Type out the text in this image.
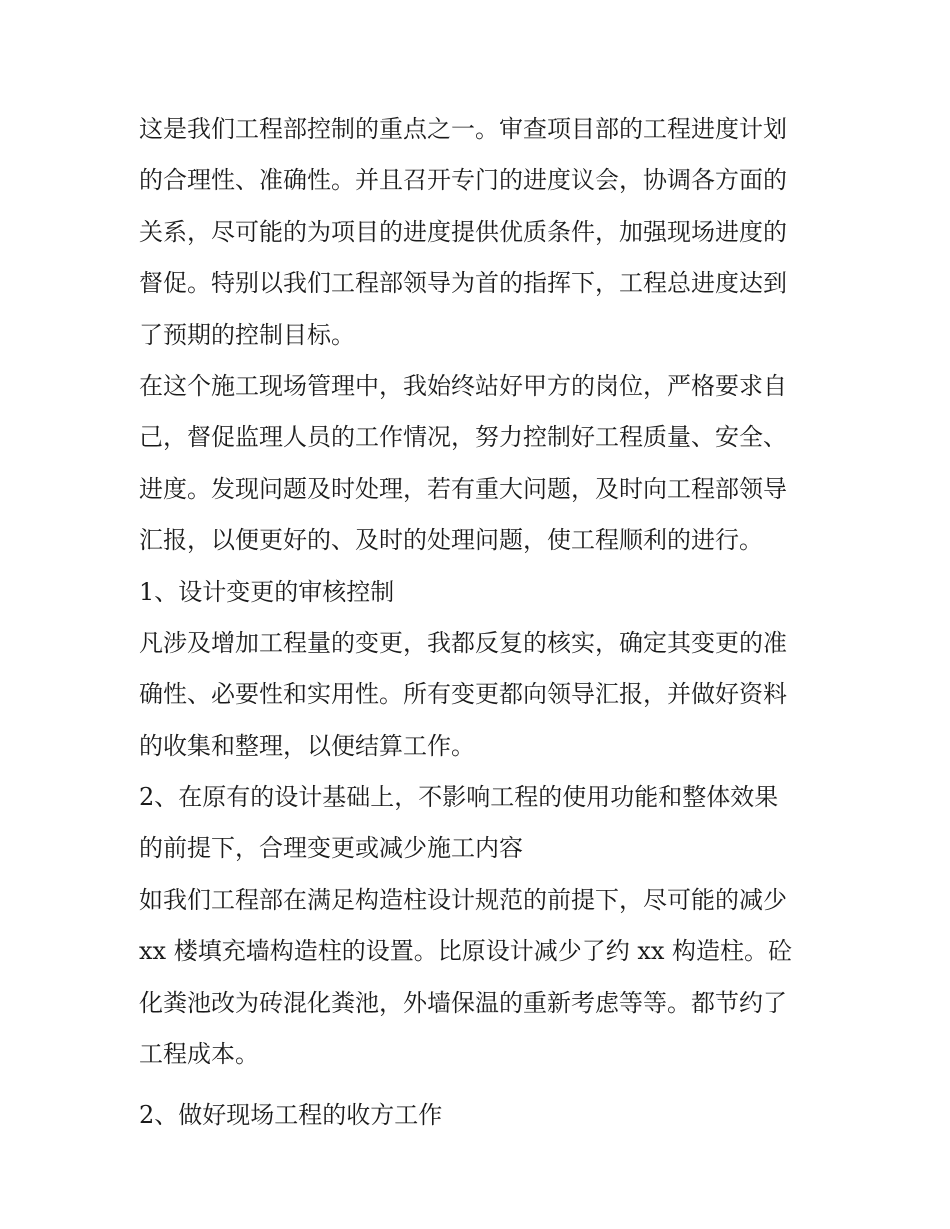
这是我们工程部控制的重点之一。审查项目部的工程进度计划
的合理性、准确性。并且召开专门的进度议会，协调各方面的
关系，尽可能的为项目的进度提供优质条件，加强现场进度的
督促。特别以我们工程部领导为首的指挥下，工程总进度达到
了预期的控制目标。
在这个施工现场管理中，我始终站好甲方的岗位，严格要求自
己，督促监理人员的工作情况，努力控制好工程质量、安全、
进度。发现问题及时处理，若有重大问题，及时向工程部领导
汇报，以便更好的、及时的处理问题，使工程顺利的进行。
1、设计变更的审核控制
凡涉及增加工程量的变更，我都反复的核实，确定其变更的准
确性、必要性和实用性。所有变更都向领导汇报，并做好资料
的收集和整理，以便结算工作。
2、在原有的设计基础上，不影响工程的使用功能和整体效果
的前提下，合理变更或减少施工内容
如我们工程部在满足构造柱设计规范的前提下，尽可能的减少
xx 楼填充墙构造柱的设置。比原设计减少了约 xx 构造柱。砼
化粪池改为砖混化粪池，外墙保温的重新考虑等等。都节约了
工程成本。
2、做好现场工程的收方工作
